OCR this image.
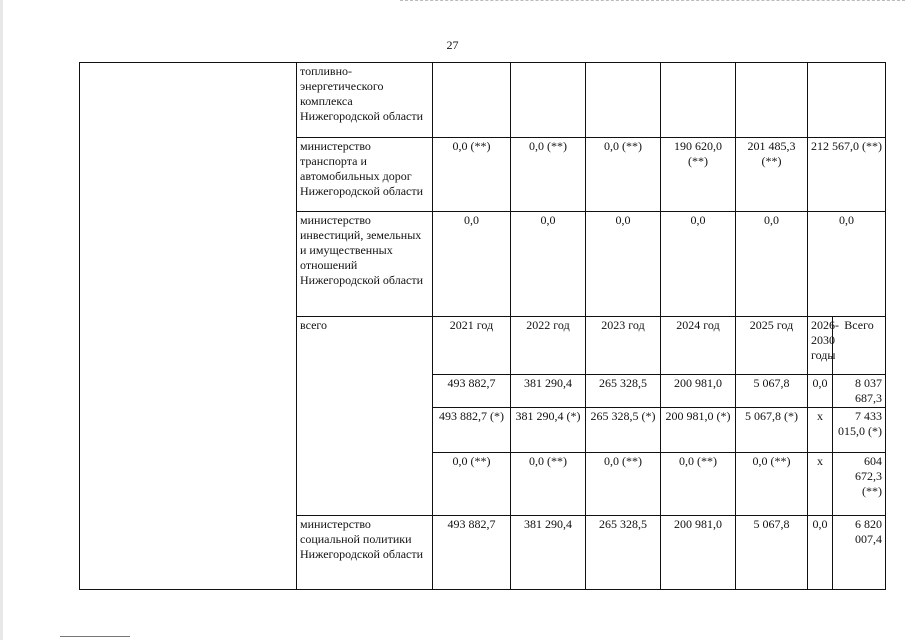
27
	топливно-энергетического комплекса Нижегородской области							
	министерство транспорта и автомобильных дорог Нижегородской области	0,0 (**)	0,0 (**)	0,0 (**)	190 620,0 (**)	201 485,3 (**)	212 567,0 (**)	
	министерство инвестиций, земельных и имущественных отношений Нижегородской области	0,0	0,0	0,0	0,0	0,0	0,0	
	всего	2021 год	2022 год	2023 год	2024 год	2025 год	2026-2030 годы	Всего
		493 882,7	381 290,4	265 328,5	200 981,0	5 067,8	0,0	8 037 687,3
		493 882,7 (*)	381 290,4 (*)	265 328,5 (*)	200 981,0 (*)	5 067,8 (*)	х	7 433 015,0 (*)
		0,0 (**)	0,0 (**)	0,0 (**)	0,0 (**)	0,0 (**)	х	604 672,3 (**)
	министерство социальной политики Нижегородской области	493 882,7	381 290,4	265 328,5	200 981,0	5 067,8	0,0	6 820 007,4
